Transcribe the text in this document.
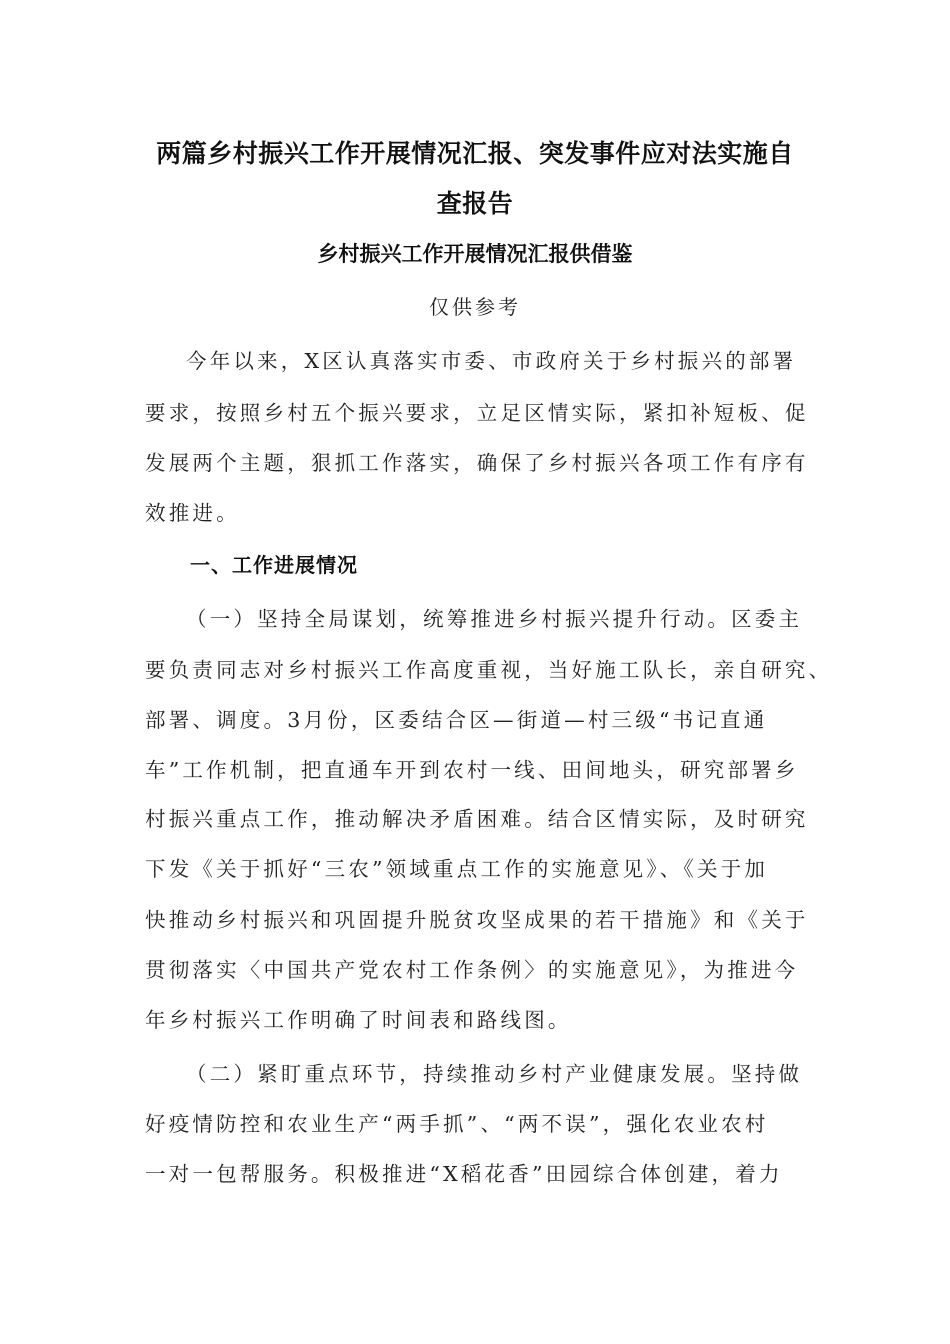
两篇乡村振兴工作开展情况汇报、突发事件应对法实施自
查报告
乡村振兴工作开展情况汇报供借鉴
仅供参考
今年以来，X区认真落实市委、市政府关于乡村振兴的部署
要求，按照乡村五个振兴要求，立足区情实际，紧扣补短板、促
发展两个主题，狠抓工作落实，确保了乡村振兴各项工作有序有
效推进。
一、工作进展情况
（一）坚持全局谋划，统筹推进乡村振兴提升行动。区委主
要负责同志对乡村振兴工作高度重视，当好施工队长，亲自研究、
部署、调度。3月份，区委结合区—街道—村三级“书记直通
车”工作机制，把直通车开到农村一线、田间地头，研究部署乡
村振兴重点工作，推动解决矛盾困难。结合区情实际，及时研究
下发《关于抓好“三农”领域重点工作的实施意见》、《关于加
快推动乡村振兴和巩固提升脱贫攻坚成果的若干措施》和《关于
贯彻落实〈中国共产党农村工作条例〉的实施意见》，为推进今
年乡村振兴工作明确了时间表和路线图。
（二）紧盯重点环节，持续推动乡村产业健康发展。坚持做
好疫情防控和农业生产“两手抓”、“两不误”，强化农业农村
一对一包帮服务。积极推进“X稻花香”田园综合体创建，着力
